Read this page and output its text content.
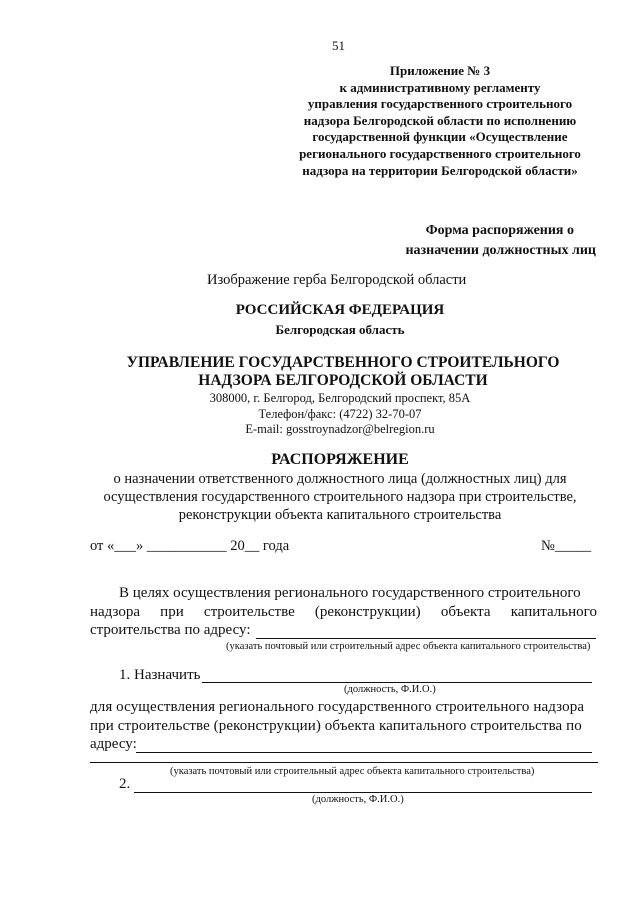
51
Приложение № 3
к административному регламенту
управления государственного строительного
надзора Белгородской области по исполнению
государственной функции «Осуществление
регионального государственного строительного
надзора на территории Белгородской области»
Форма распоряжения о
назначении должностных лиц
Изображение герба Белгородской области
РОССИЙСКАЯ ФЕДЕРАЦИЯ
Белгородская область
УПРАВЛЕНИЕ ГОСУДАРСТВЕННОГО СТРОИТЕЛЬНОГО
НАДЗОРА БЕЛГОРОДСКОЙ ОБЛАСТИ
308000, г. Белгород, Белгородский проспект, 85А
Телефон/факс: (4722) 32-70-07
E-mail: gosstroynadzor@belregion.ru
РАСПОРЯЖЕНИЕ
о назначении ответственного должностного лица (должностных лиц) для
осуществления государственного строительного надзора при строительстве,
реконструкции объекта капитального строительства
от «___» ___________ 20__ года	№_____
В целях осуществления регионального государственного строительного
надзора при строительстве (реконструкции) объекта капитального
строительства по адресу:
(указать почтовый или строительный адрес объекта капитального строительства)
1. Назначить
(должность, Ф.И.О.)
для осуществления регионального государственного строительного надзора
при строительстве (реконструкции) объекта капитального строительства по
адресу:
(указать почтовый или строительный адрес объекта капитального строительства)
2.
(должность, Ф.И.О.)
